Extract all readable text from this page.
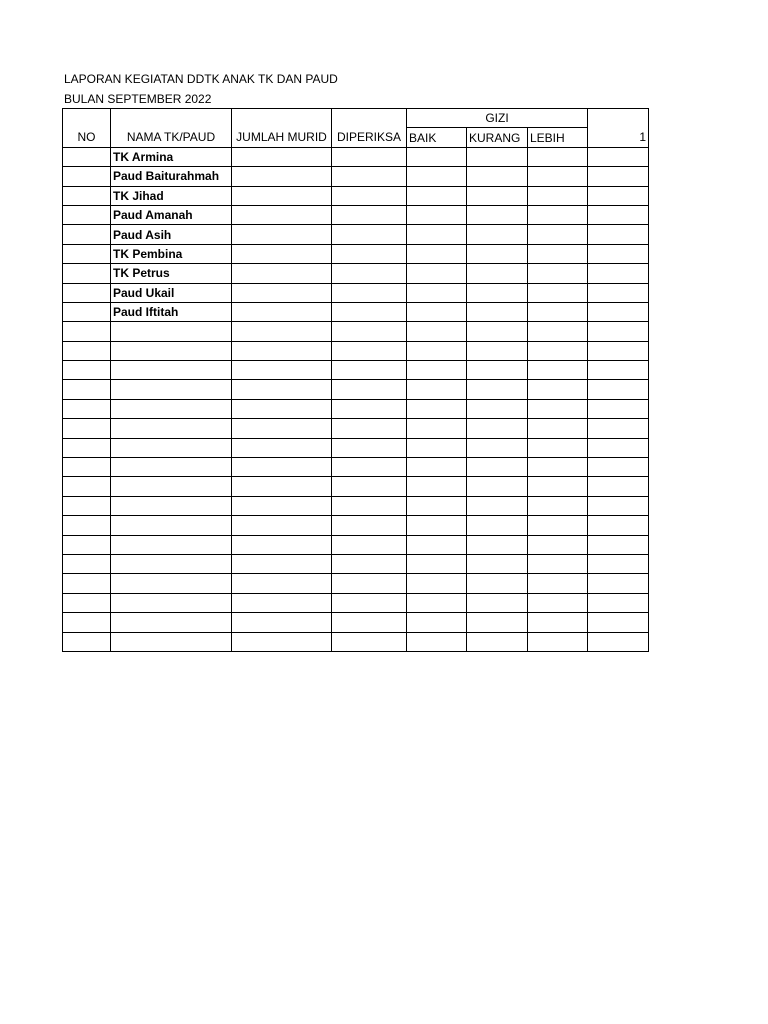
LAPORAN KEGIATAN DDTK ANAK TK DAN PAUD
BULAN SEPTEMBER 2022
				GIZI			
NO	NAMA TK/PAUD	JUMLAH MURID	DIPERIKSA	BAIK	KURANG	LEBIH	1
	TK Armina						
	Paud Baiturahmah						
	TK Jihad						
	Paud Amanah						
	Paud Asih						
	TK Pembina						
	TK Petrus						
	Paud Ukail						
	Paud Iftitah						
